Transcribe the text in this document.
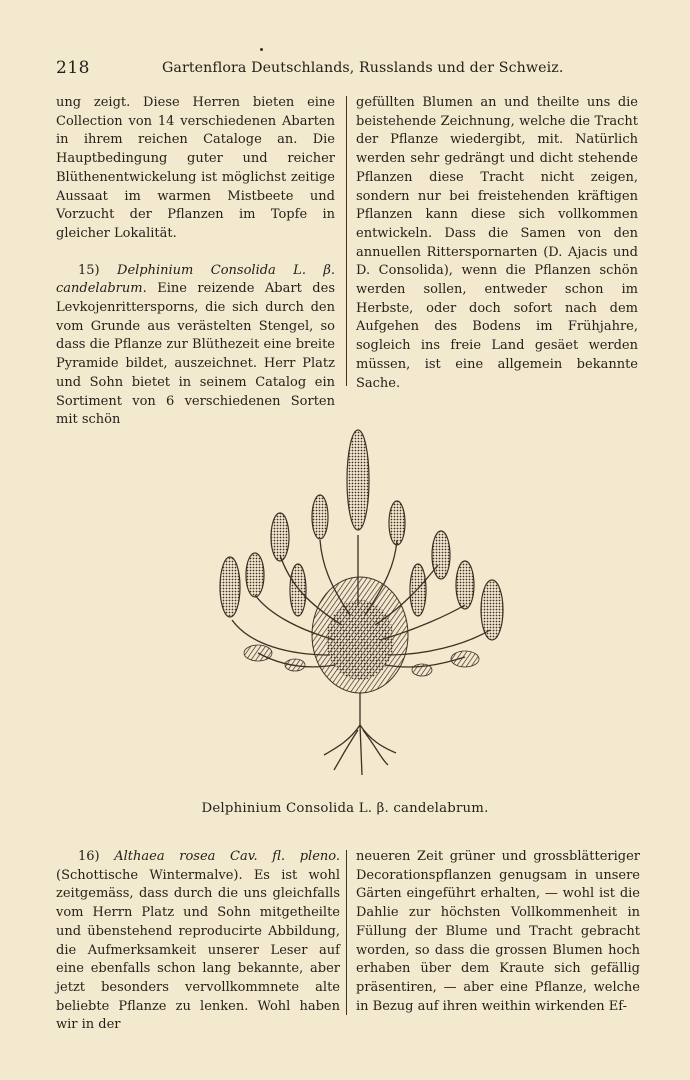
218	Gartenflora Deutschlands, Russlands und der Schweiz.

ung zeigt. Diese Herren bieten eine Collection von 14 verschiedenen Abarten in ihrem reichen Cataloge an. Die Hauptbedingung guter und reicher Blüthenentwickelung ist möglichst zeitige Aussaat im warmen Mistbeete und Vorzucht der Pflanzen im Topfe in gleicher Lokalität.

15) Delphinium Consolida L. β. candelabrum. Eine reizende Abart des Levkojenrittersporns, die sich durch den vom Grunde aus verästelten Stengel, so dass die Pflanze zur Blüthezeit eine breite Pyramide bildet, auszeichnet. Herr Platz und Sohn bietet in seinem Catalog ein Sortiment von 6 verschiedenen Sorten mit schön

gefüllten Blumen an und theilte uns die beistehende Zeichnung, welche die Tracht der Pflanze wiedergibt, mit. Natürlich werden sehr gedrängt und dicht stehende Pflanzen diese Tracht nicht zeigen, sondern nur bei freistehenden kräftigen Pflanzen kann diese sich vollkommen entwickeln. Dass die Samen von den annuellen Ritterspornarten (D. Ajacis und D. Consolida), wenn die Pflanzen schön werden sollen, entweder schon im Herbste, oder doch sofort nach dem Aufgehen des Bodens im Frühjahre, sogleich ins freie Land gesäet werden müssen, ist eine allgemein bekannte Sache.

Delphinium Consolida L. β. candelabrum.

16) Althaea rosea Cav. fl. pleno. (Schottische Wintermalve). Es ist wohl zeitgemäss, dass durch die uns gleichfalls vom Herrn Platz und Sohn mitgetheilte und übenstehend reproducirte Abbildung, die Aufmerksamkeit unserer Leser auf eine ebenfalls schon lang bekannte, aber jetzt besonders vervollkommnete alte beliebte Pflanze zu lenken. Wohl haben wir in der

neueren Zeit grüner und grossblätteriger Decorationspflanzen genugsam in unsere Gärten eingeführt erhalten, — wohl ist die Dahlie zur höchsten Vollkommenheit in Füllung der Blume und Tracht gebracht worden, so dass die grossen Blumen hoch erhaben über dem Kraute sich gefällig präsentiren, — aber eine Pflanze, welche in Bezug auf ihren weithin wirkenden Ef-
